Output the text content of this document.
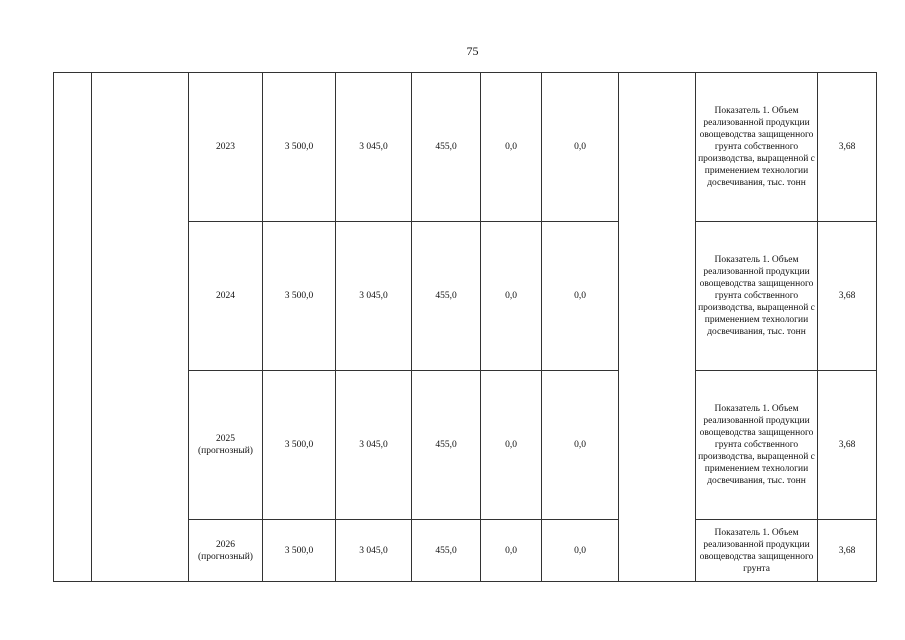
75

		2023	3 500,0	3 045,0	455,0	0,0	0,0		Показатель 1. Объем реализованной продукции овощеводства защищенного грунта собственного производства, выращенной с применением технологии досвечивания, тыс. тонн	3,68

		2024	3 500,0	3 045,0	455,0	0,0	0,0		Показатель 1. Объем реализованной продукции овощеводства защищенного грунта собственного производства, выращенной с применением технологии досвечивания, тыс. тонн	3,68

		2025
(прогнозный)	3 500,0	3 045,0	455,0	0,0	0,0		Показатель 1. Объем реализованной продукции овощеводства защищенного грунта собственного производства, выращенной с применением технологии досвечивания, тыс. тонн	3,68

		2026
(прогнозный)	3 500,0	3 045,0	455,0	0,0	0,0		Показатель 1. Объем реализованной продукции овощеводства защищенного грунта	3,68
